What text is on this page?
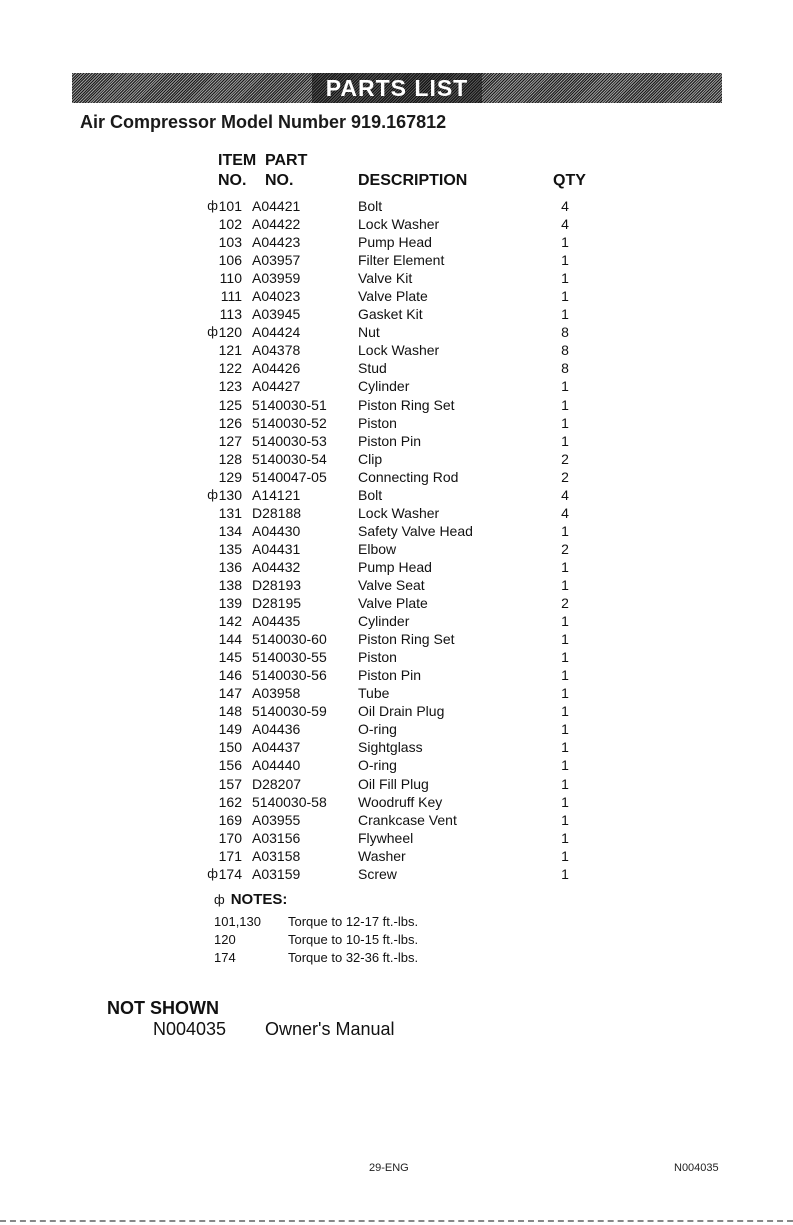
PARTS LIST
Air Compressor Model Number 919.167812
ITEM
NO.
PART
NO.	DESCRIPTION	QTY
ф 101 A04421	Bolt	4
102 A04422	Lock Washer	4
103 A04423	Pump Head	1
106 A03957	Filter Element	1
110 A03959	Valve Kit	1
111 A04023	Valve Plate	1
113 A03945	Gasket Kit	1
ф 120 A04424	Nut	8
121 A04378	Lock Washer	8
122 A04426	Stud	8
123 A04427	Cylinder	1
125 5140030-51 Piston Ring Set	1
126 5140030-52 Piston	1
127 5140030-53 Piston Pin	1
128 5140030-54 Clip	2
129 5140047-05 Connecting Rod	2
ф 130 A14121	Bolt	4
131 D28188	Lock Washer	4
134 A04430	Safety Valve Head	1
135 A04431	Elbow	2
136 A04432	Pump Head	1
138 D28193	Valve Seat	1
139 D28195	Valve Plate	2
142 A04435	Cylinder	1
144 5140030-60 Piston Ring Set	1
145 5140030-55 Piston	1
146 5140030-56 Piston Pin	1
147 A03958	Tube	1
148 5140030-59 Oil Drain Plug	1
149 A04436	O-ring	1
150 A04437	Sightglass	1
156 A04440	O-ring	1
157 D28207	Oil Fill Plug	1
162 5140030-58 Woodruff Key	1
169 A03955	Crankcase Vent	1
170 A03156	Flywheel	1
171 A03158	Washer	1
ф 174 A03159	Screw	1
ф NOTES:
101,130 Torque to 12-17 ft.-lbs.
120	Torque to 10-15 ft.-lbs.
174	Torque to 32-36 ft.-lbs.
NOT SHOWN
N004035 Owner's Manual
29-ENG	N004035
